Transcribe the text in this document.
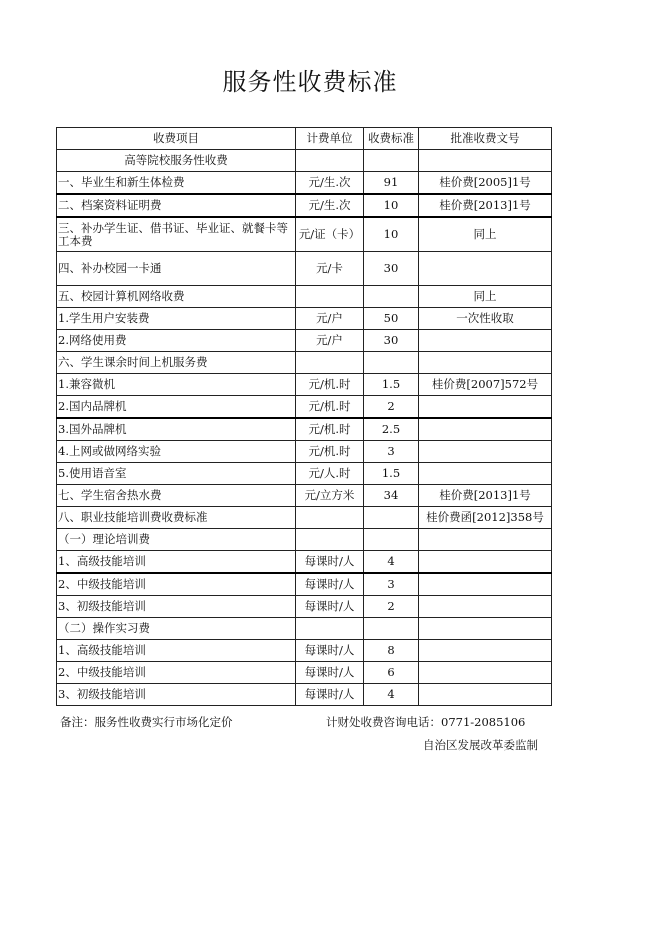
服务性收费标准
收费项目	计费单位	收费标准	批准收费文号
高等院校服务性收费			
一、毕业生和新生体检费	元/生.次	91	桂价费[2005]1号
二、档案资料证明费	元/生.次	10	桂价费[2013]1号
三、补办学生证、借书证、毕业证、就餐卡等工本费	元/证（卡）	10	同上
四、补办校园一卡通	元/卡	30	
五、校园计算机网络收费			同上
1.学生用户安装费	元/户	50	一次性收取
2.网络使用费	元/户	30	
六、学生课余时间上机服务费			
1.兼容微机	元/机.时	1.5	桂价费[2007]572号
2.国内品牌机	元/机.时	2	
3.国外品牌机	元/机.时	2.5	
4.上网或做网络实验	元/机.时	3	
5.使用语音室	元/人.时	1.5	
七、学生宿舍热水费	元/立方米	34	桂价费[2013]1号
八、职业技能培训费收费标准			桂价费函[2012]358号
（一）理论培训费			
1、高级技能培训	每课时/人	4	
2、中级技能培训	每课时/人	3	
3、初级技能培训	每课时/人	2	
（二）操作实习费			
1、高级技能培训	每课时/人	8	
2、中级技能培训	每课时/人	6	
3、初级技能培训	每课时/人	4	
备注：服务性收费实行市场化定价	计财处收费咨询电话：0771-2085106
自治区发展改革委监制
